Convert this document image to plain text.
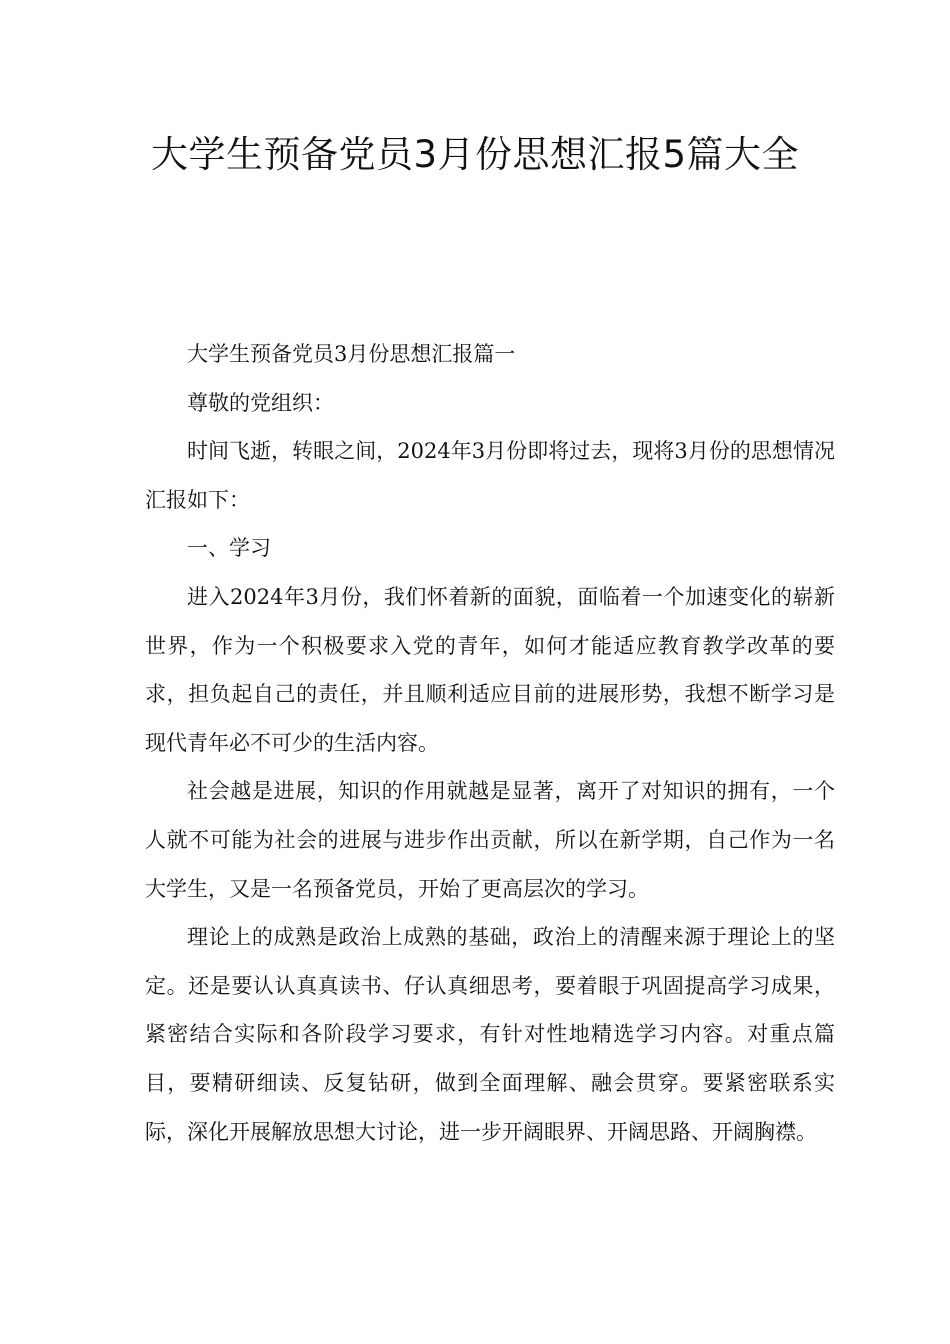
大学生预备党员3月份思想汇报5篇大全

大学生预备党员3月份思想汇报篇一

尊敬的党组织：

时间飞逝，转眼之间，2024年3月份即将过去，现将3月份的思想情况汇报如下：

一、学习

进入2024年3月份，我们怀着新的面貌，面临着一个加速变化的崭新世界，作为一个积极要求入党的青年，如何才能适应教育教学改革的要求，担负起自己的责任，并且顺利适应目前的进展形势，我想不断学习是现代青年必不可少的生活内容。

社会越是进展，知识的作用就越是显著，离开了对知识的拥有，一个人就不可能为社会的进展与进步作出贡献，所以在新学期，自己作为一名大学生，又是一名预备党员，开始了更高层次的学习。

理论上的成熟是政治上成熟的基础，政治上的清醒来源于理论上的坚定。还是要认认真真读书、仔认真细思考，要着眼于巩固提高学习成果，紧密结合实际和各阶段学习要求，有针对性地精选学习内容。对重点篇目，要精研细读、反复钻研，做到全面理解、融会贯穿。要紧密联系实际，深化开展解放思想大讨论，进一步开阔眼界、开阔思路、开阔胸襟。
